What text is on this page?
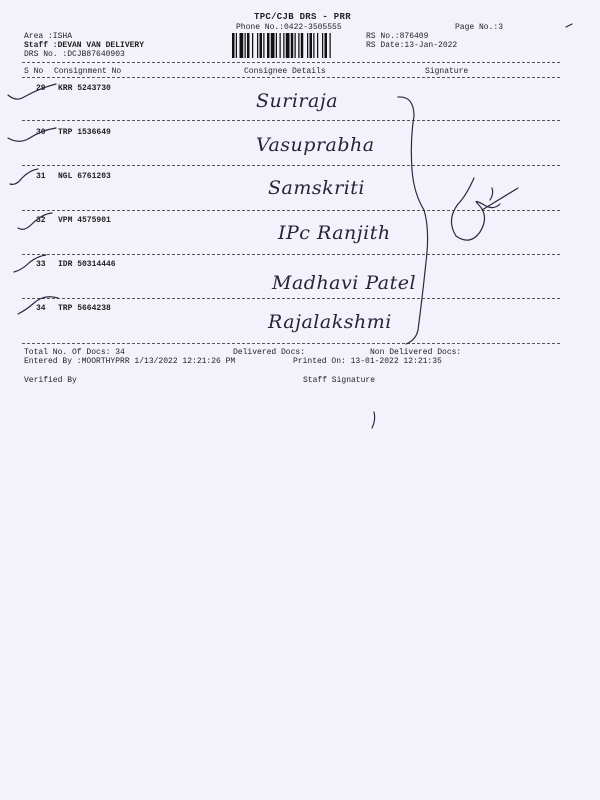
TPC/CJB DRS - PRR
Phone No.:0422-3505555	Page No.:3
Area :ISHA
Staff :DEVAN VAN DELIVERY
DRS No. :DCJB87640903
RS No.:876409
RS Date:13-Jan-2022
S No Consignment No	Consignee Details	Signature
29 KRR 5243730
Suriraja
30 TRP 1536649
Vasuprabha
31 NGL 6761203
Samskriti
32 VPM 4575901
IPc Ranjith
33 IDR 50314446
Madhavi Patel
34 TRP 5664238
Rajalakshmi
Total No. Of Docs: 34	Delivered Docs:	Non Delivered Docs:
Entered By :MOORTHYPRR 1/13/2022 12:21:26 PM	Printed On: 13-01-2022 12:21:35
Verified By	Staff Signature
